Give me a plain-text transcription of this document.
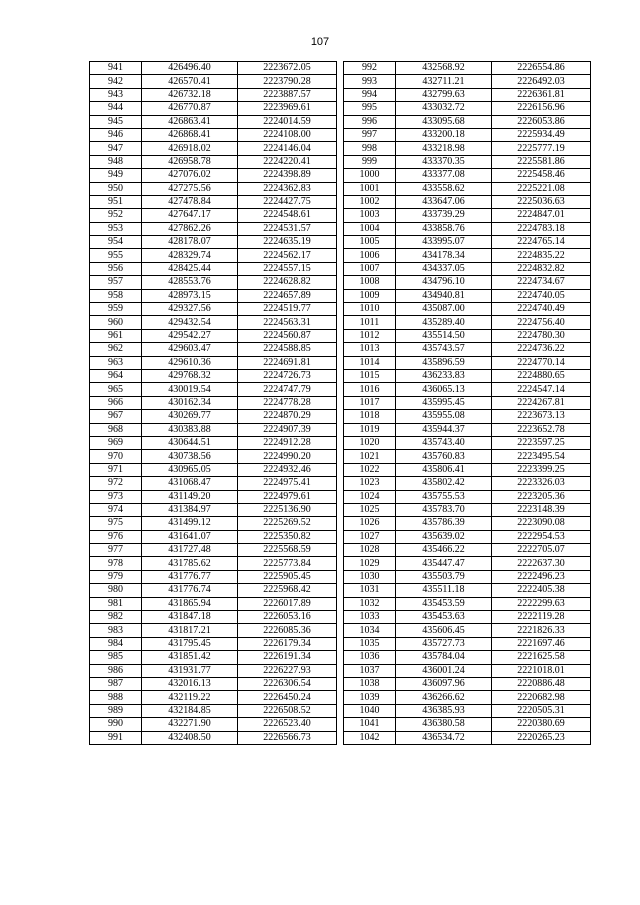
107
941	426496.40	2223672.05
942	426570.41	2223790.28
943	426732.18	2223887.57
944	426770.87	2223969.61
945	426863.41	2224014.59
946	426868.41	2224108.00
947	426918.02	2224146.04
948	426958.78	2224220.41
949	427076.02	2224398.89
950	427275.56	2224362.83
951	427478.84	2224427.75
952	427647.17	2224548.61
953	427862.26	2224531.57
954	428178.07	2224635.19
955	428329.74	2224562.17
956	428425.44	2224557.15
957	428553.76	2224628.82
958	428973.15	2224657.89
959	429327.56	2224519.77
960	429432.54	2224563.31
961	429542.27	2224560.87
962	429603.47	2224588.85
963	429610.36	2224691.81
964	429768.32	2224726.73
965	430019.54	2224747.79
966	430162.34	2224778.28
967	430269.77	2224870.29
968	430383.88	2224907.39
969	430644.51	2224912.28
970	430738.56	2224990.20
971	430965.05	2224932.46
972	431068.47	2224975.41
973	431149.20	2224979.61
974	431384.97	2225136.90
975	431499.12	2225269.52
976	431641.07	2225350.82
977	431727.48	2225568.59
978	431785.62	2225773.84
979	431776.77	2225905.45
980	431776.74	2225968.42
981	431865.94	2226017.89
982	431847.18	2226053.16
983	431817.21	2226085.36
984	431795.45	2226179.34
985	431851.42	2226191.34
986	431931.77	2226227.93
987	432016.13	2226306.54
988	432119.22	2226450.24
989	432184.85	2226508.52
990	432271.90	2226523.40
991	432408.50	2226566.73
992	432568.92	2226554.86
993	432711.21	2226492.03
994	432799.63	2226361.81
995	433032.72	2226156.96
996	433095.68	2226053.86
997	433200.18	2225934.49
998	433218.98	2225777.19
999	433370.35	2225581.86
1000	433377.08	2225458.46
1001	433558.62	2225221.08
1002	433647.06	2225036.63
1003	433739.29	2224847.01
1004	433858.76	2224783.18
1005	433995.07	2224765.14
1006	434178.34	2224835.22
1007	434337.05	2224832.82
1008	434796.10	2224734.67
1009	434940.81	2224740.05
1010	435087.00	2224740.49
1011	435289.40	2224756.40
1012	435514.50	2224780.30
1013	435743.57	2224736.22
1014	435896.59	2224770.14
1015	436233.83	2224880.65
1016	436065.13	2224547.14
1017	435995.45	2224267.81
1018	435955.08	2223673.13
1019	435944.37	2223652.78
1020	435743.40	2223597.25
1021	435760.83	2223495.54
1022	435806.41	2223399.25
1023	435802.42	2223326.03
1024	435755.53	2223205.36
1025	435783.70	2223148.39
1026	435786.39	2223090.08
1027	435639.02	2222954.53
1028	435466.22	2222705.07
1029	435447.47	2222637.30
1030	435503.79	2222496.23
1031	435511.18	2222405.38
1032	435453.59	2222299.63
1033	435453.63	2222119.28
1034	435606.45	2221826.33
1035	435727.73	2221697.46
1036	435784.04	2221625.58
1037	436001.24	2221018.01
1038	436097.96	2220886.48
1039	436266.62	2220682.98
1040	436385.93	2220505.31
1041	436380.58	2220380.69
1042	436534.72	2220265.23
